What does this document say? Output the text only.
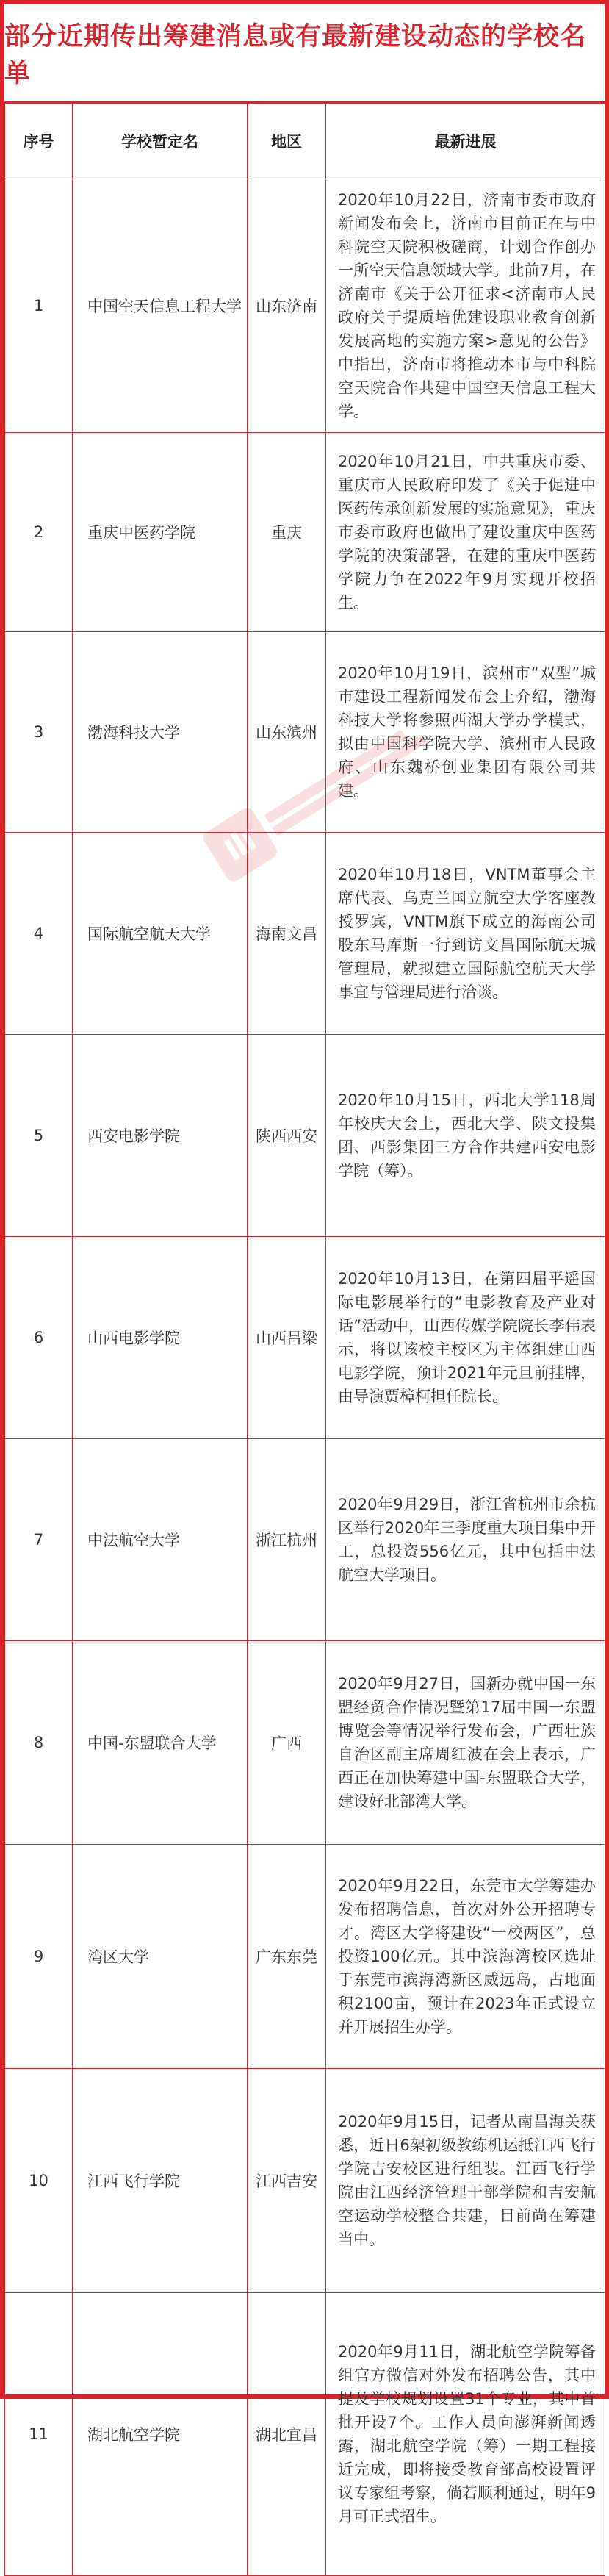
部分近期传出筹建消息或有最新建设动态的学校名单
序号	学校暂定名	地区	最新进展
1	中国空天信息工程大学	山东济南	2020年10月22日，济南市委市政府新闻发布会上，济南市目前正在与中科院空天院积极磋商，计划合作创办一所空天信息领域大学。此前7月，在济南市《关于公开征求<济南市人民政府关于提质培优建设职业教育创新发展高地的实施方案>意见的公告》中指出，济南市将推动本市与中科院空天院合作共建中国空天信息工程大学。
2	重庆中医药学院	重庆	2020年10月21日，中共重庆市委、重庆市人民政府印发了《关于促进中医药传承创新发展的实施意见》，重庆市委市政府也做出了建设重庆中医药学院的决策部署，在建的重庆中医药学院力争在2022年9月实现开校招生。
3	渤海科技大学	山东滨州	2020年10月19日，滨州市“双型”城市建设工程新闻发布会上介绍，渤海科技大学将参照西湖大学办学模式，拟由中国科学院大学、滨州市人民政府、山东魏桥创业集团有限公司共建。
4	国际航空航天大学	海南文昌	2020年10月18日，VNTM董事会主席代表、乌克兰国立航空大学客座教授罗宾，VNTM旗下成立的海南公司股东马库斯一行到访文昌国际航天城管理局，就拟建立国际航空航天大学事宜与管理局进行洽谈。
5	西安电影学院	陕西西安	2020年10月15日，西北大学118周年校庆大会上，西北大学、陕文投集团、西影集团三方合作共建西安电影学院（筹）。
6	山西电影学院	山西吕梁	2020年10月13日，在第四届平遥国际电影展举行的“电影教育及产业对话”活动中，山西传媒学院院长李伟表示，将以该校主校区为主体组建山西电影学院，预计2021年元旦前挂牌，由导演贾樟柯担任院长。
7	中法航空大学	浙江杭州	2020年9月29日，浙江省杭州市余杭区举行2020年三季度重大项目集中开工，总投资556亿元，其中包括中法航空大学项目。
8	中国-东盟联合大学	广西	2020年9月27日，国新办就中国一东盟经贸合作情况暨第17届中国一东盟博览会等情况举行发布会，广西壮族自治区副主席周红波在会上表示，广西正在加快筹建中国-东盟联合大学，建设好北部湾大学。
9	湾区大学	广东东莞	2020年9月22日，东莞市大学筹建办发布招聘信息，首次对外公开招聘专才。湾区大学将建设“一校两区”，总投资100亿元。其中滨海湾校区选址于东莞市滨海湾新区威远岛，占地面积2100亩，预计在2023年正式设立并开展招生办学。
10	江西飞行学院	江西吉安	2020年9月15日，记者从南昌海关获悉，近日6架初级教练机运抵江西飞行学院吉安校区进行组装。江西飞行学院由江西经济管理干部学院和吉安航空运动学校整合共建，目前尚在筹建当中。
11	湖北航空学院	湖北宜昌	2020年9月11日，湖北航空学院筹备组官方微信对外发布招聘公告，其中提及学校规划设置31个专业，其中首批开设7个。工作人员向澎湃新闻透露，湖北航空学院（筹）一期工程接近完成，即将接受教育部高校设置评议专家组考察，倘若顺利通过，明年9月可正式招生。
